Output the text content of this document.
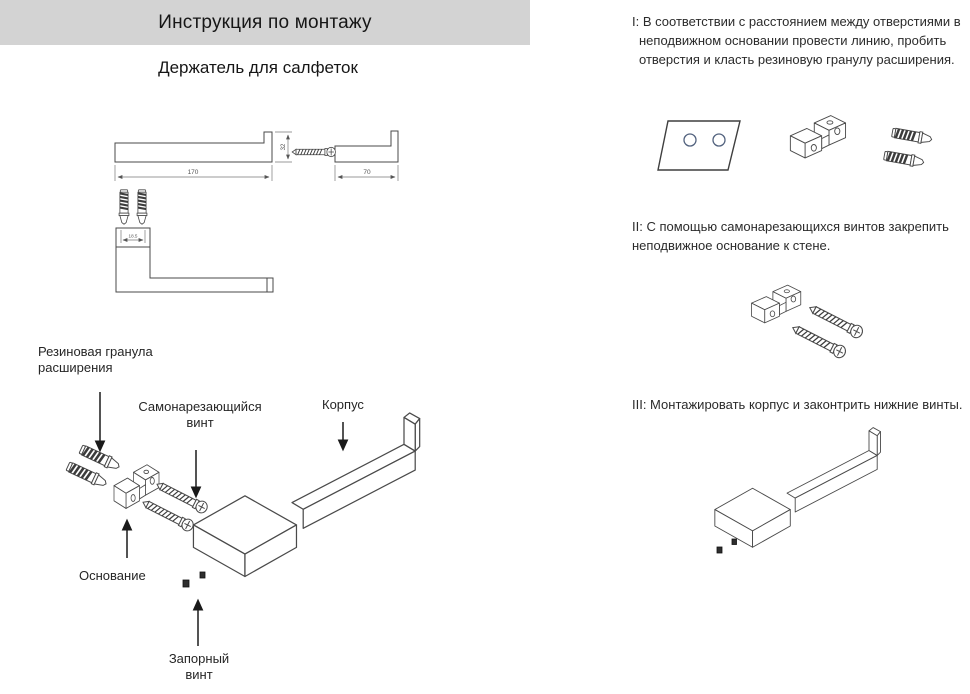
Инструкция по монтажу
Держатель для салфеток
170
32
70
18.5
Резиновая гранула расширения
Самонарезающийся винт
Корпус
Основание
Запорный винт
I: В соответствии с расстоянием между отверстиями в неподвижном основании провести линию, пробить отверстия и класть резиновую гранулу расширения.
II: С помощью самонарезающихся винтов закрепить неподвижное основание к стене.
III: Монтажировать корпус и законтрить нижние винты.
